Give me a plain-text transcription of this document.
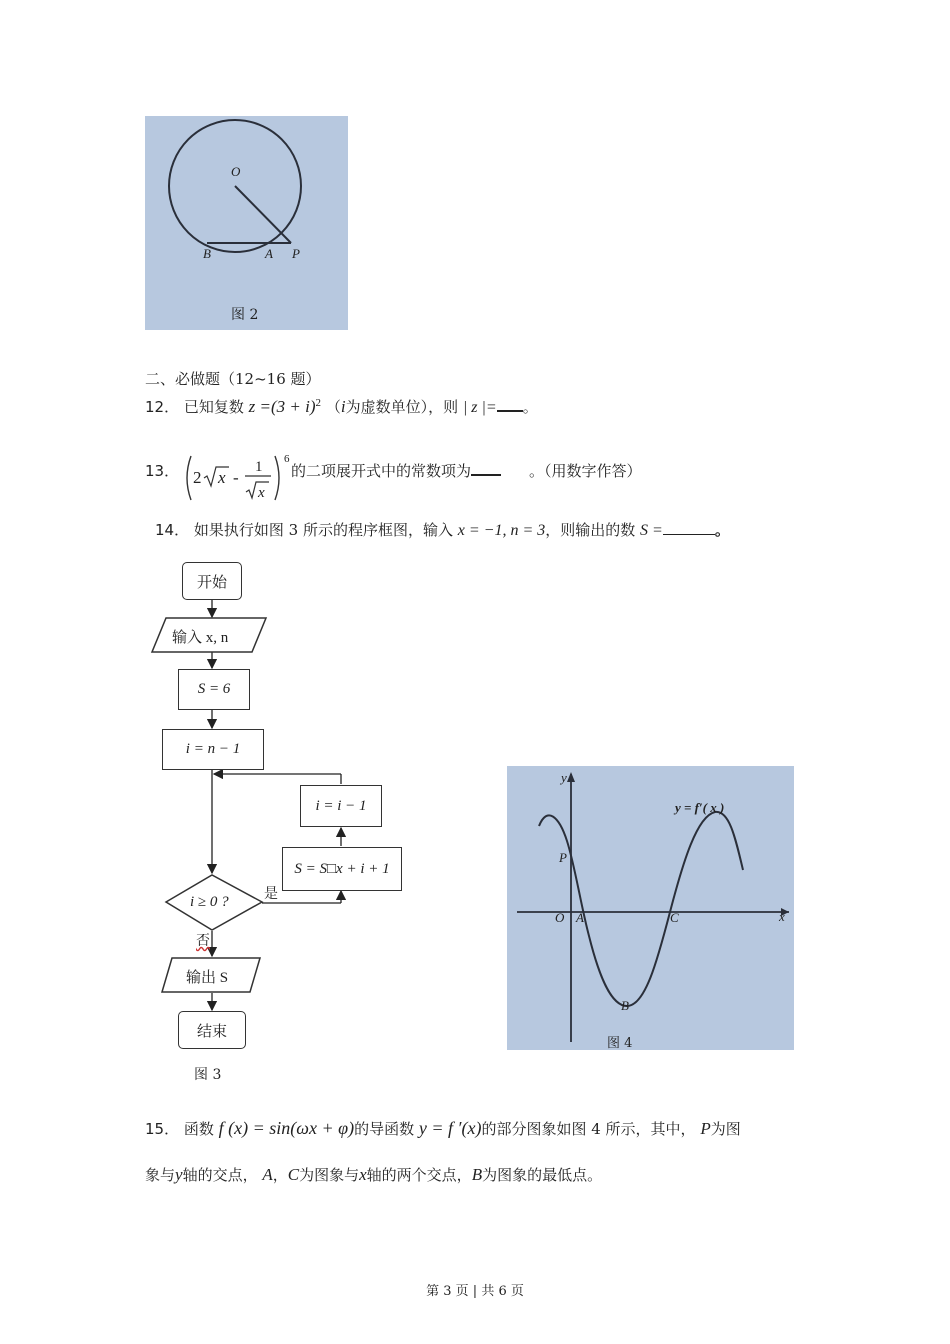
O
B	A P
图 2
二、必做题（12~16 题）
12． 已知复数 $z =(3 + i)^2$ （i为虚数单位），则 | z |= 。
13． 2 x -
1
x
6
的二项展开式中的常数项为	。（用数字作答）
14． 如果执行如图 3 所示的程序框图，输入 x = −1, n = 3，则输出的数 S =	。
开始
输入 x, n
S = 6
i = n − 1
i = i − 1
S = S□x + i + 1
i ≥ 0 ?	是
否
输出 S
结束
图 3
y
x
y = f′( x )
P
O A	C
B
图 4
15． 函数 f (x) = sin(ωx + φ)的导函数 y = f ′(x)的部分图象如图 4 所示，其中， P为图
象与y轴的交点， A，C为图象与x轴的两个交点，B为图象的最低点。
第 3 页 | 共 6 页
